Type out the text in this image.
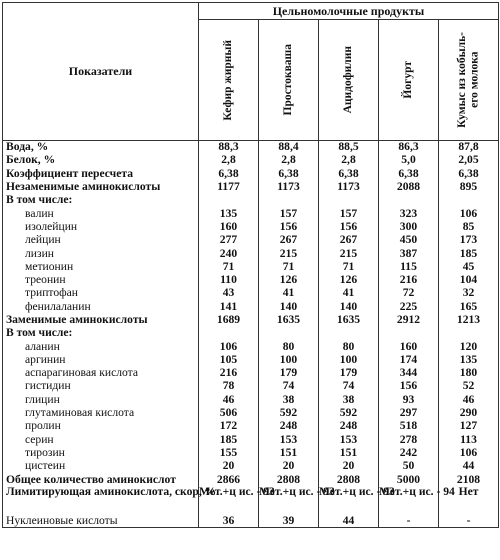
Показатели	Цельномолочные продукты				

	Кефир жирный	Простокваша	Ацидофилин	Йогурт	Кумыс из кобыль-
его молока

Вода, %	88,3	88,4	88,5	86,3	87,8
Белок, %	2,8	2,8	2,8	5,0	2,05
Коэффициент пересчета	6,38	6,38	6,38	6,38	6,38
Незаменимые аминокислоты	1177	1173	1173	2088	895
В том числе:					
валин	135	157	157	323	106
изолейцин	160	156	156	300	85
лейцин	277	267	267	450	173
лизин	240	215	215	387	185
метионин	71	71	71	115	45
треонин	110	126	126	216	104
триптофан	43	41	41	72	32
фенилаланин	141	140	140	225	165
Заменимые аминокислоты	1689	1635	1635	2912	1213
В том числе:					
аланин	106	80	80	160	120
аргинин	105	100	100	174	135
аспарагиновая кислота	216	179	179	344	180
гистидин	78	74	74	156	52
глицин	46	38	38	93	46
глутаминовая кислота	506	592	592	297	290
пролин	172	248	248	518	127
серин	185	153	153	278	113
тирозин	155	151	151	242	106
цистеин	20	20	20	50	44
Общее количество аминокислот	2866	2808	2808	5000	2108
Лимитирующая аминокислота, скор, %	Мет.+ц ис. - 93	Мет.+ц ис. - 93	Мет.+ц ис. - 93	Мет.+ц ис. - 94	Нет
Нуклеиновые кислоты	36	39	44	-	-
